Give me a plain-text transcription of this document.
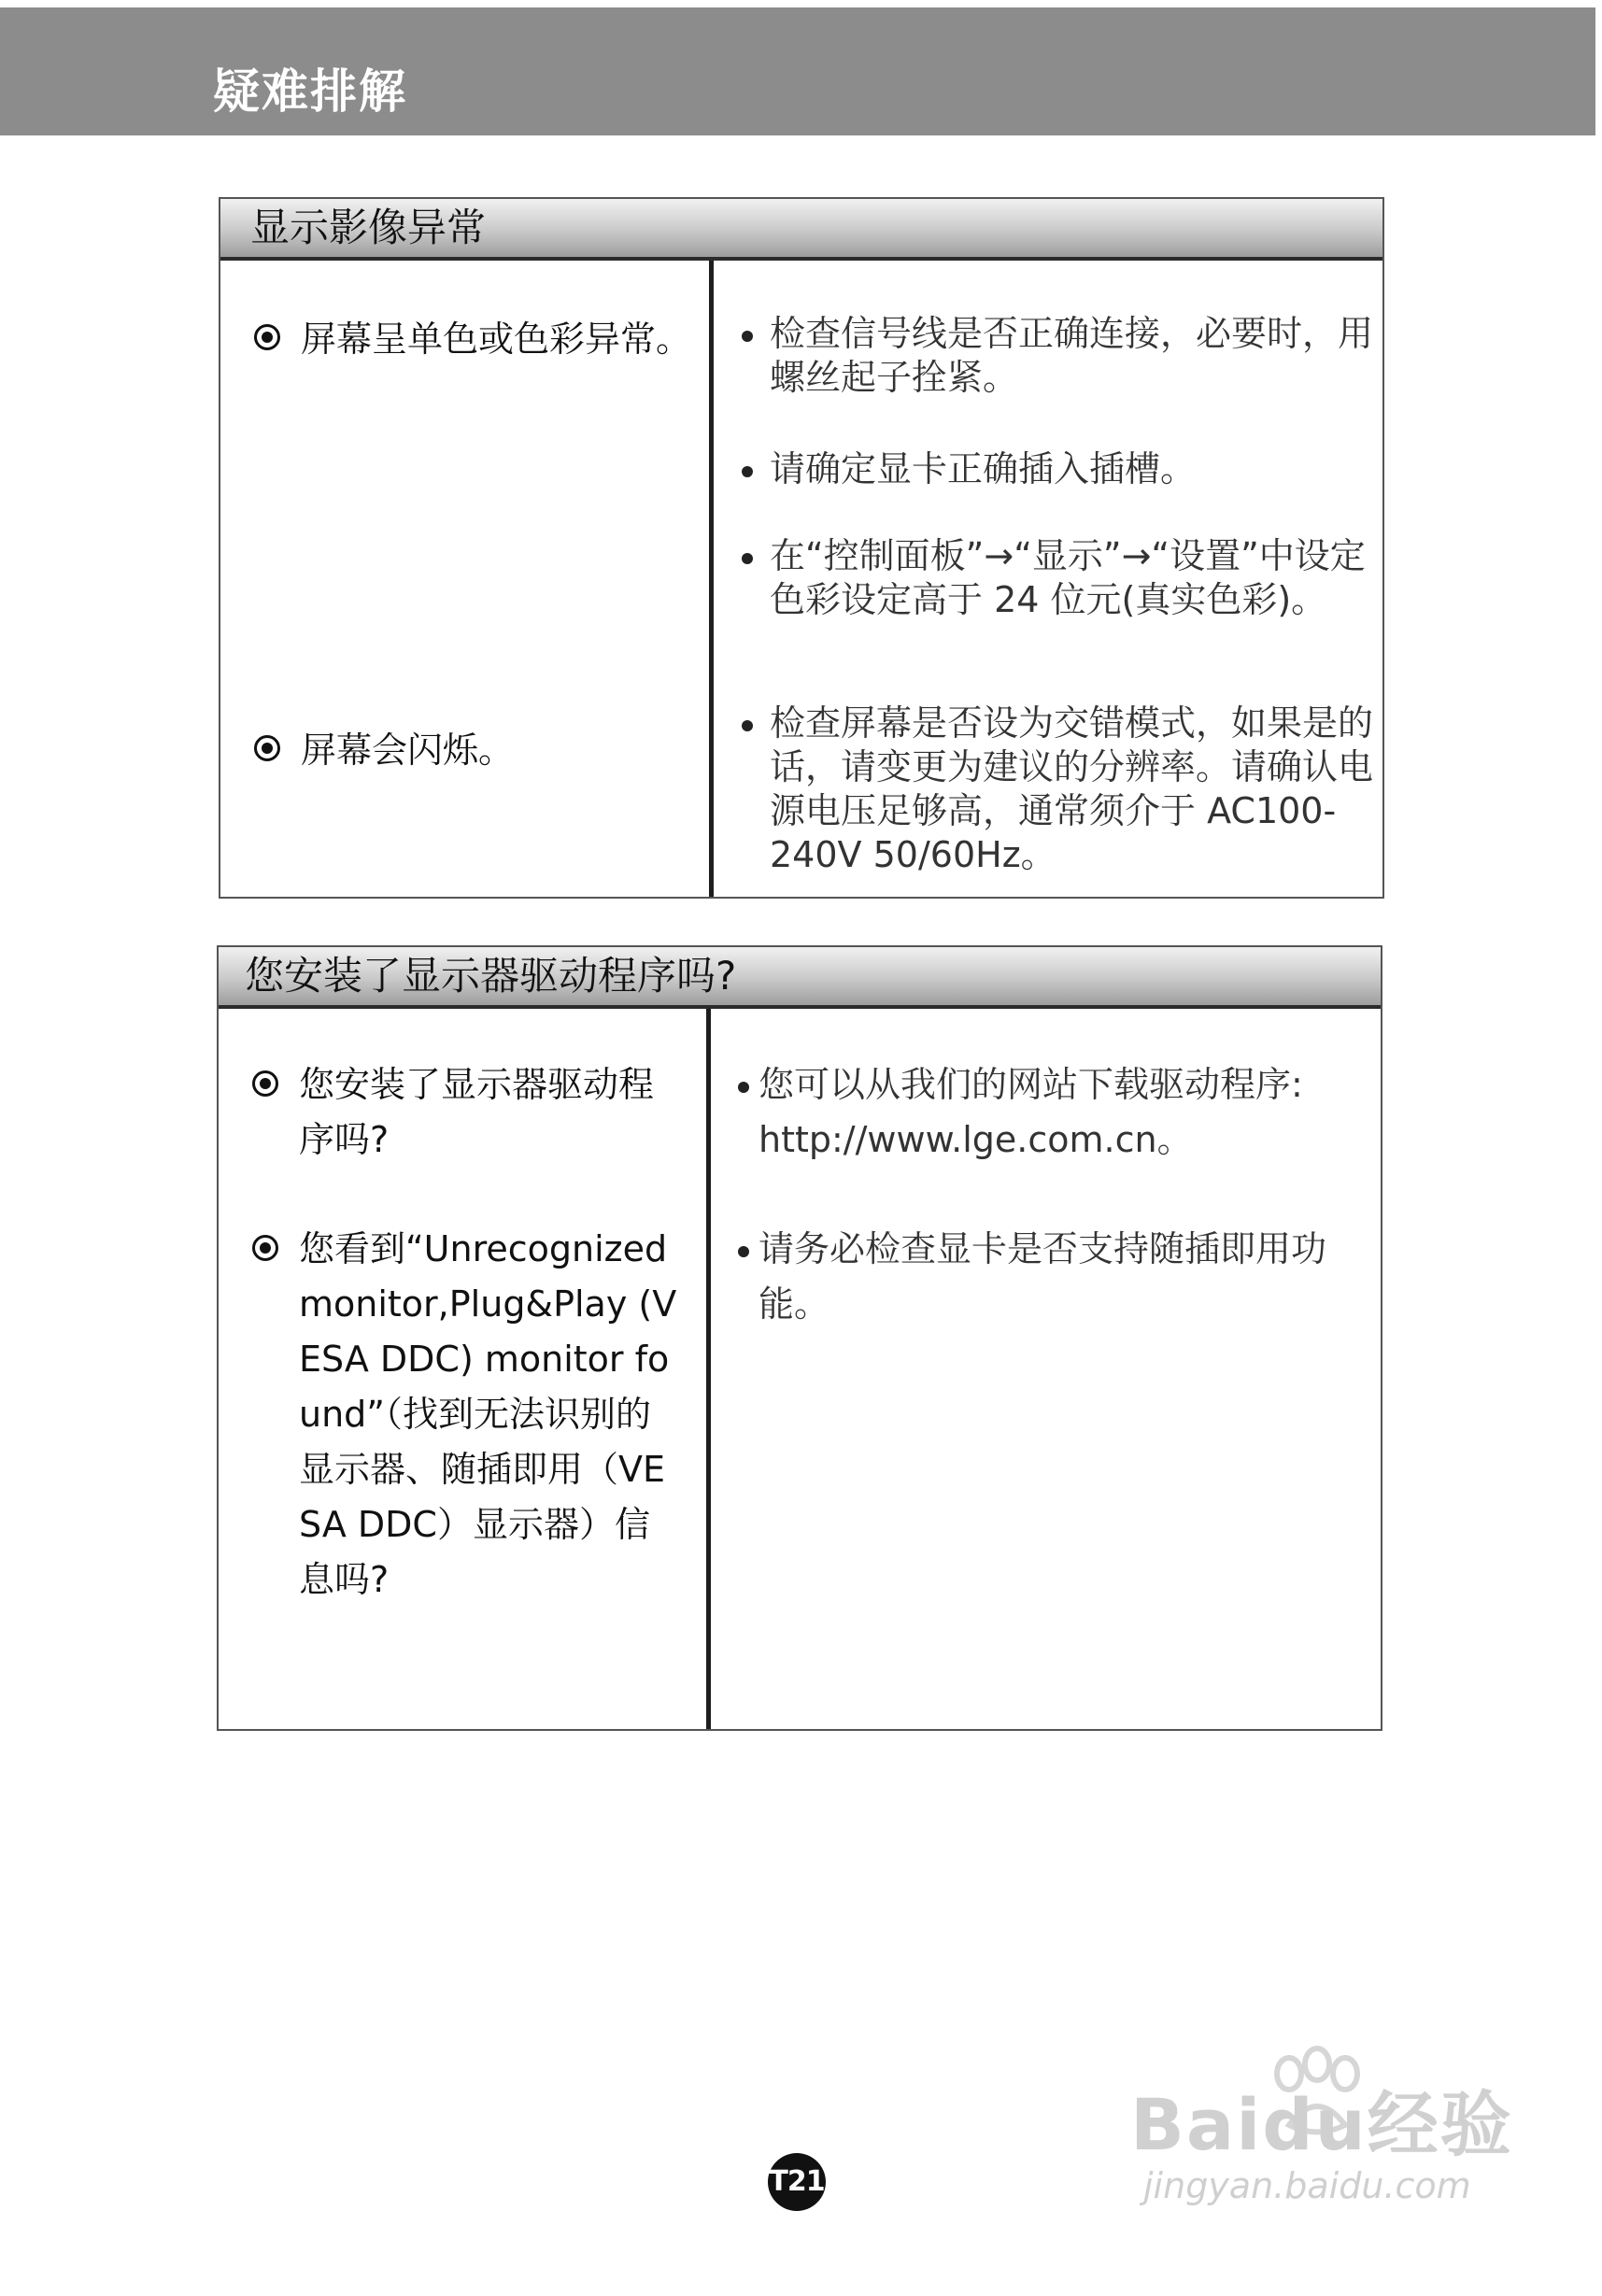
疑难排解
显示影像异常
屏幕呈单色或色彩异常。
屏幕会闪烁。
检查信号线是否正确连接，必要时，用螺丝起子拴紧。
请确定显卡正确插入插槽。
在“控制面板”→“显示”→“设置”中设定色彩设定高于 24 位元(真实色彩)。
检查屏幕是否设为交错模式，如果是的话，请变更为建议的分辨率。请确认电源电压足够高，通常须介于 AC100-240V 50/60Hz。
您安装了显示器驱动程序吗?
您安装了显示器驱动程序吗?
您看到“Unrecognized monitor,Plug&Play (VESA DDC) monitor found”（找到无法识别的显示器、随插即用（VESA DDC）显示器）信息吗?
您可以从我们的网站下载驱动程序: http://www.lge.com.cn。
请务必检查显卡是否支持随插即用功能。
T21
Baidu经验
jingyan.baidu.com
